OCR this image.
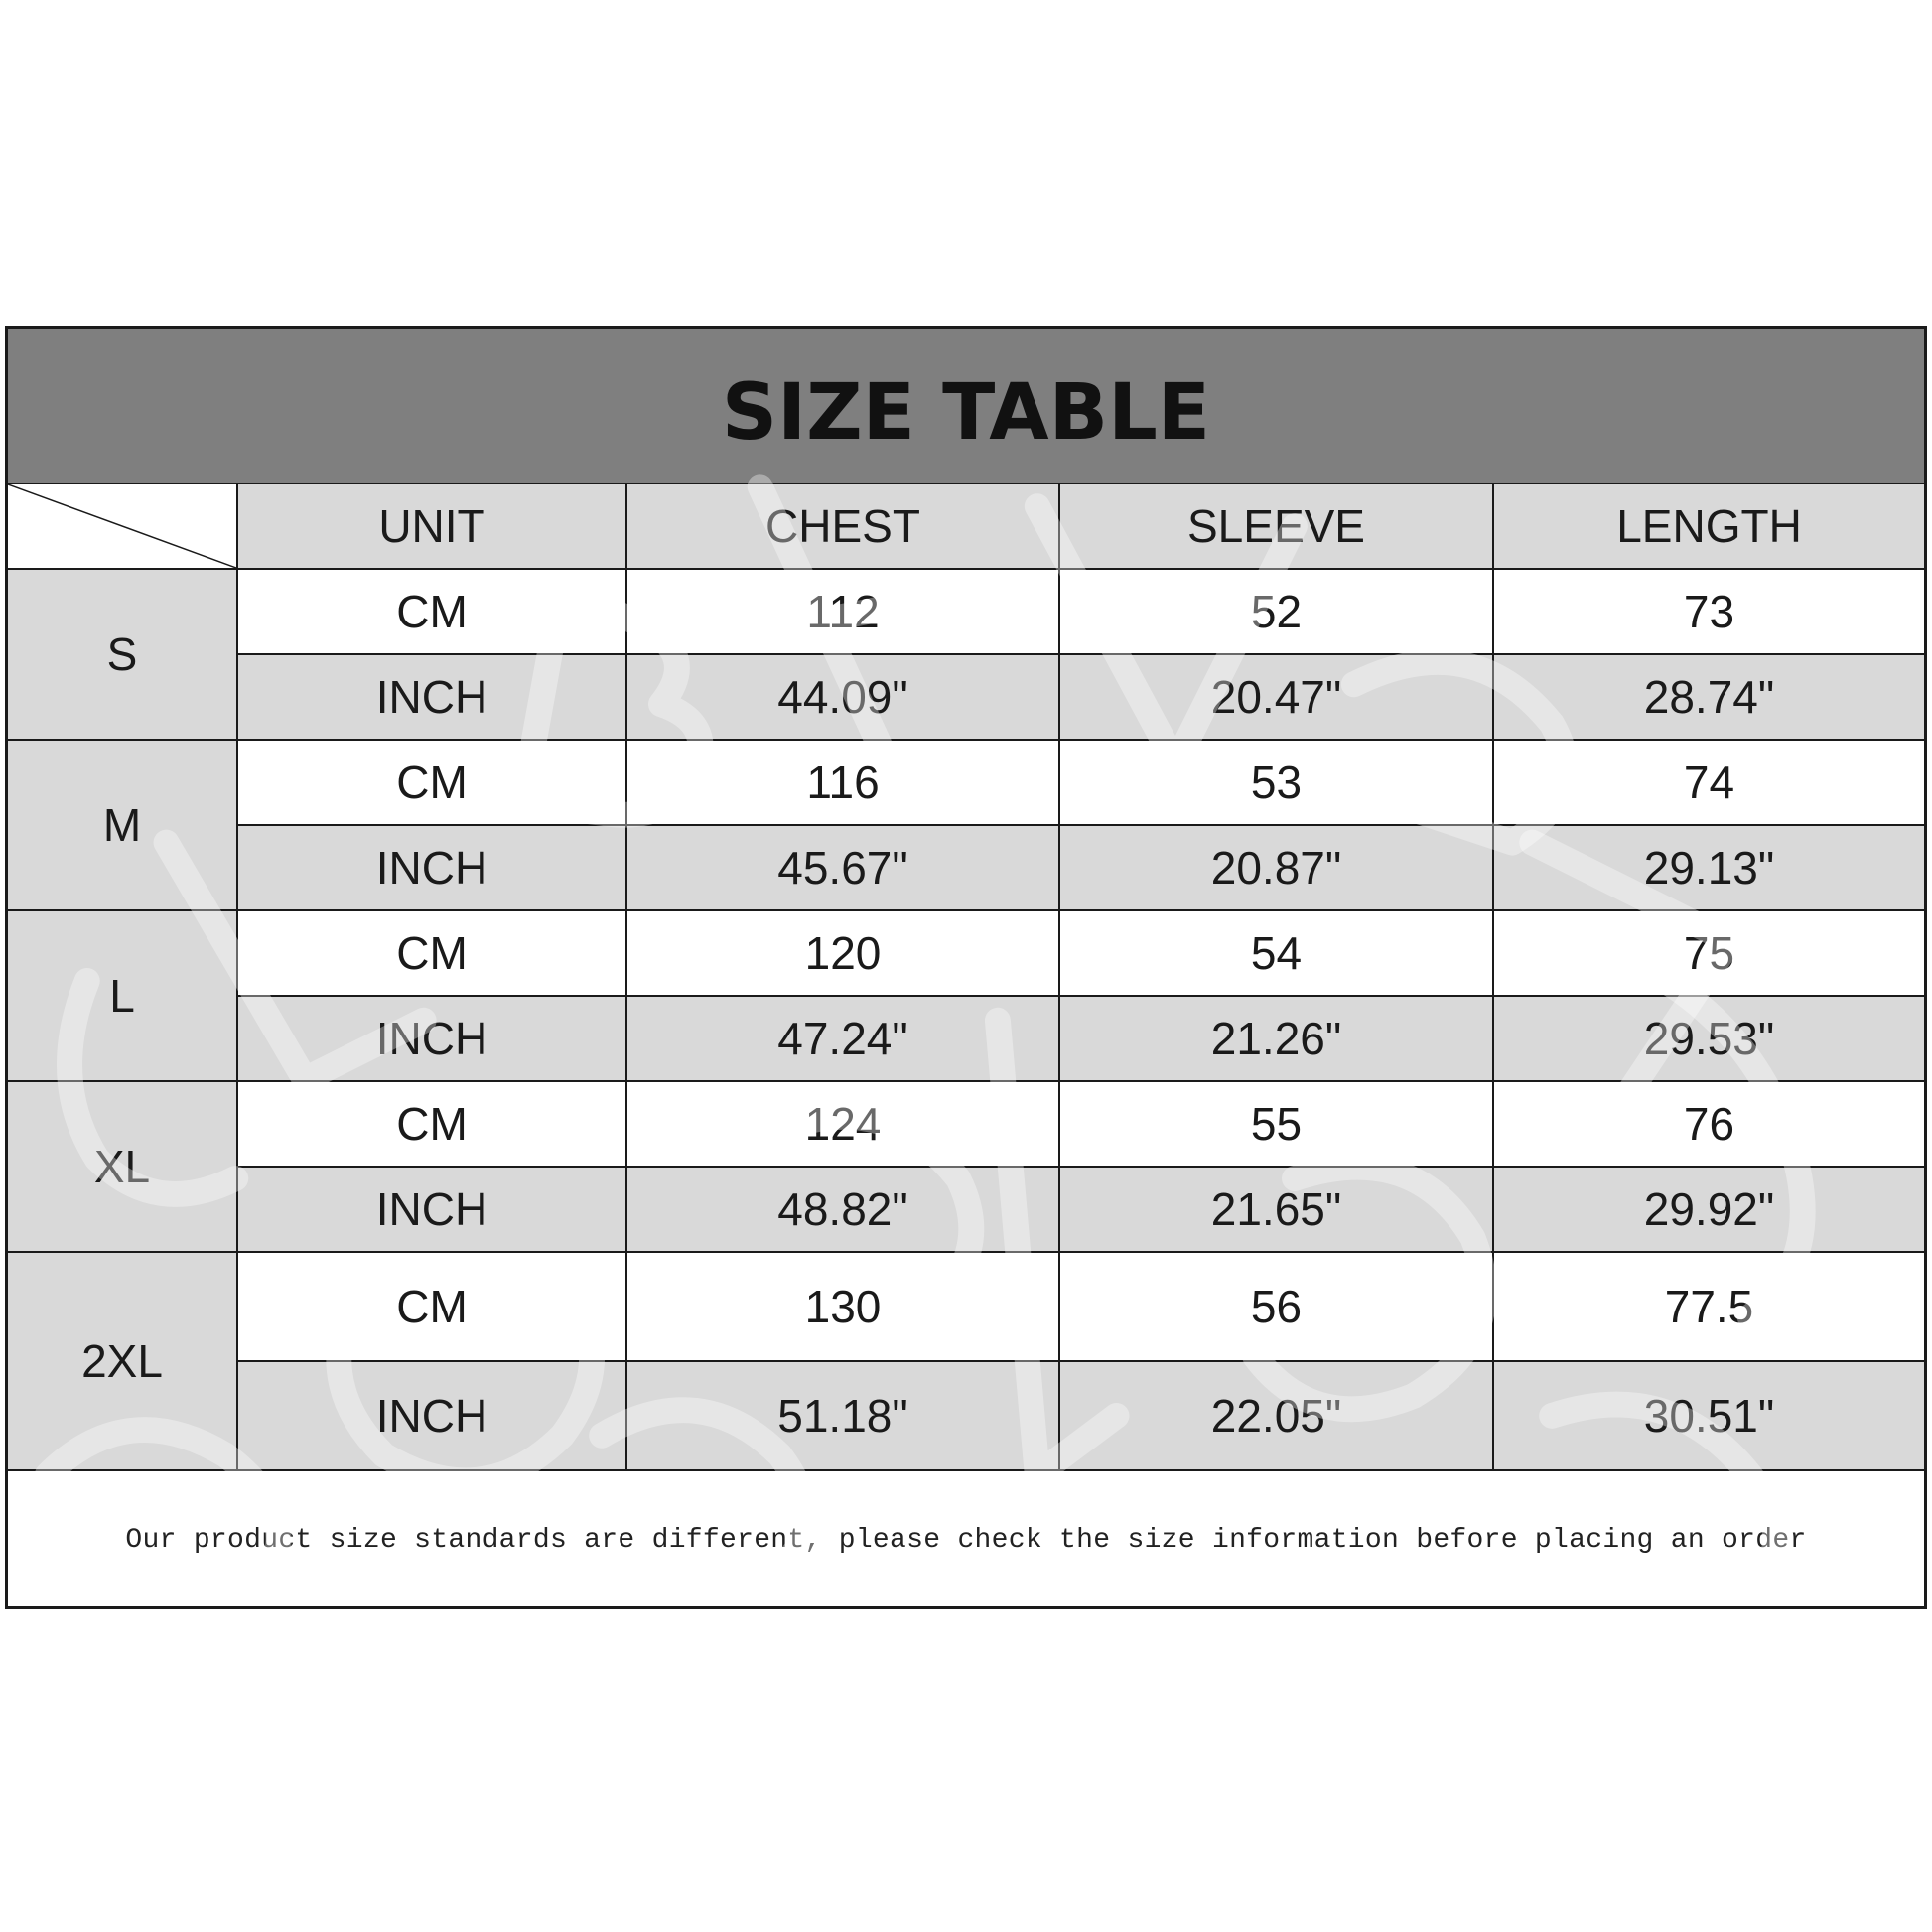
SIZE TABLE
	UNIT	CHEST	SLEEVE	LENGTH
S	CM	112	52	73
	INCH	44.09"	20.47"	28.74"
M	CM	116	53	74
	INCH	45.67"	20.87"	29.13"
L	CM	120	54	75
	INCH	47.24"	21.26"	29.53"
XL	CM	124	55	76
	INCH	48.82"	21.65"	29.92"
2XL	CM	130	56	77.5
	INCH	51.18"	22.05"	30.51"
Our product size standards are different, please check the size information before placing an order
